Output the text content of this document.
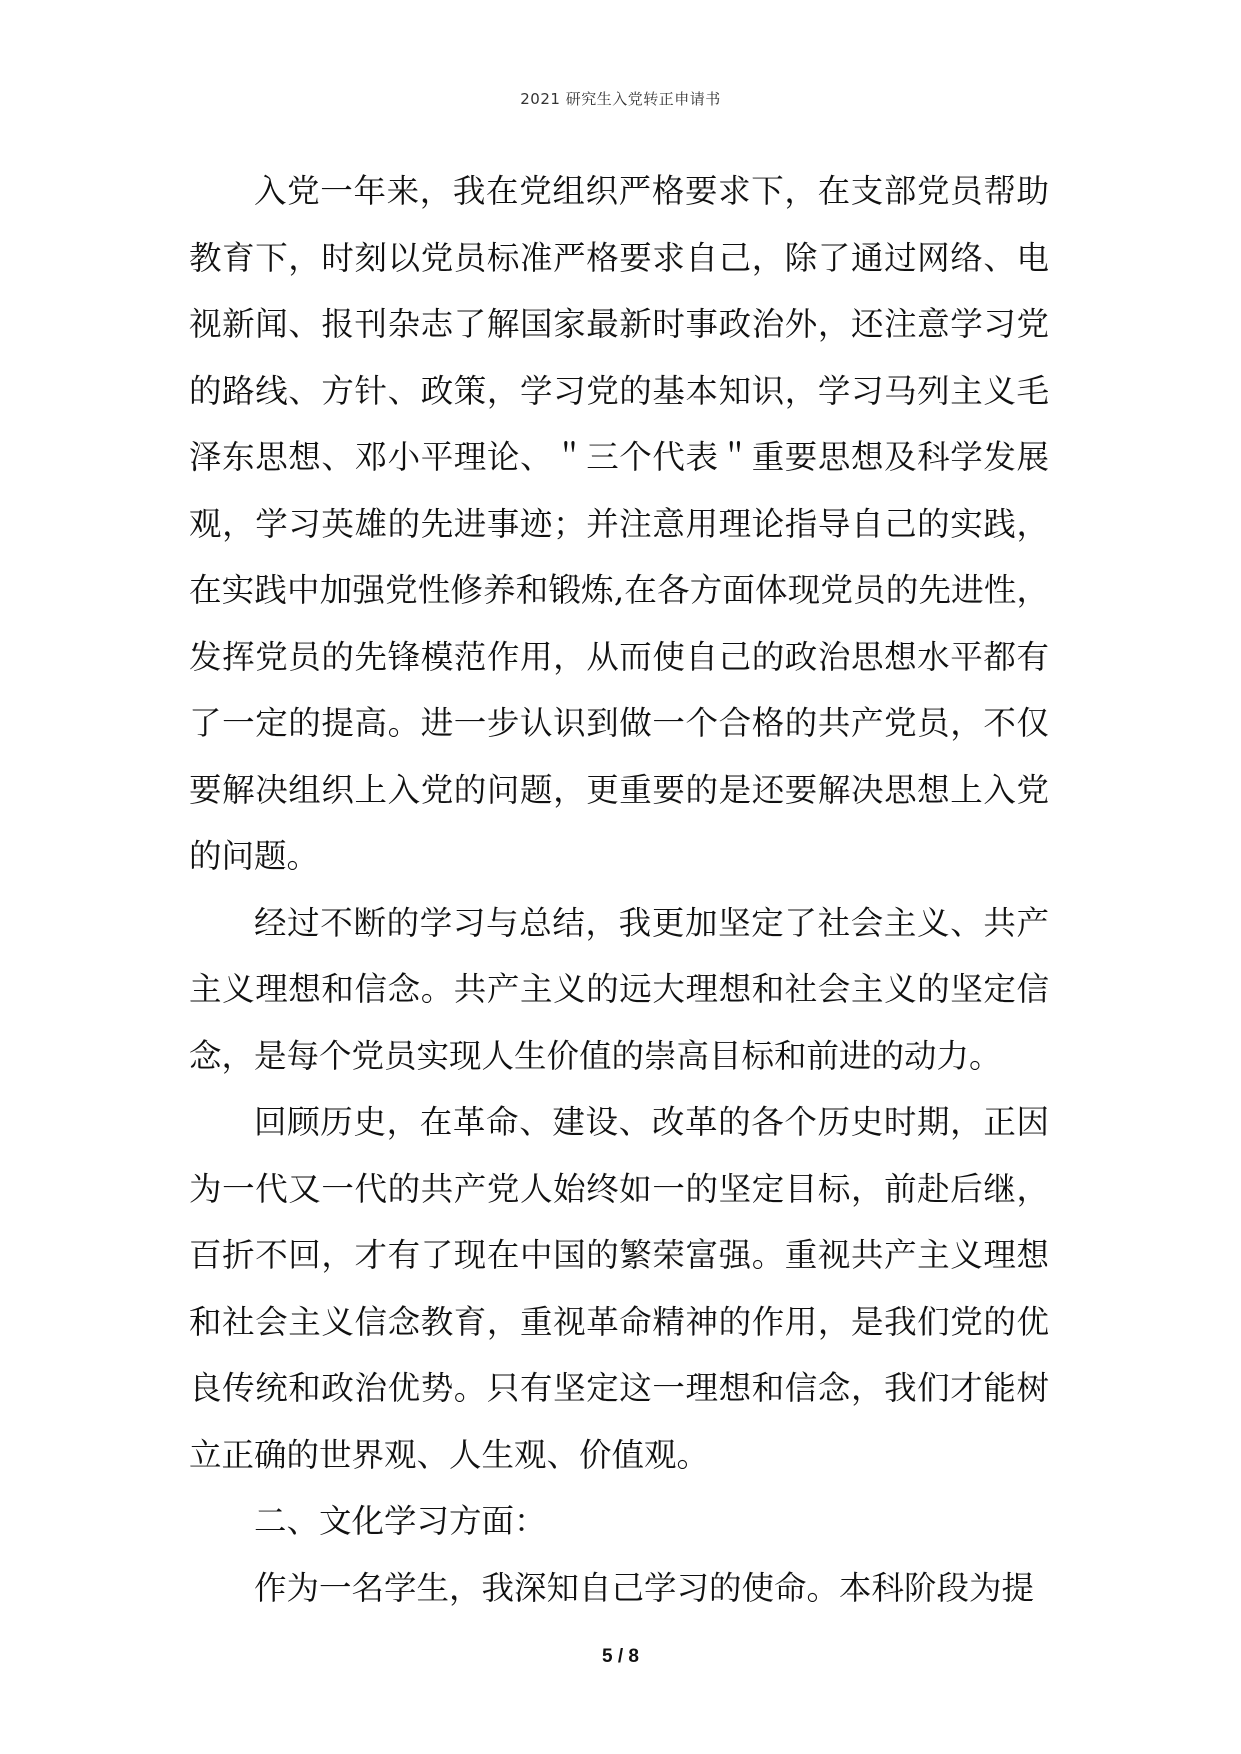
2021 研究生入党转正申请书

入党一年来，我在党组织严格要求下，在支部党员帮助教育下，时刻以党员标准严格要求自己，除了通过网络、电视新闻、报刊杂志了解国家最新时事政治外，还注意学习党的路线、方针、政策，学习党的基本知识，学习马列主义毛泽东思想、邓小平理论、＂三个代表＂重要思想及科学发展观，学习英雄的先进事迹；并注意用理论指导自己的实践，在实践中加强党性修养和锻炼,在各方面体现党员的先进性，发挥党员的先锋模范作用，从而使自己的政治思想水平都有了一定的提高。进一步认识到做一个合格的共产党员，不仅要解决组织上入党的问题，更重要的是还要解决思想上入党的问题。

经过不断的学习与总结，我更加坚定了社会主义、共产主义理想和信念。共产主义的远大理想和社会主义的坚定信念，是每个党员实现人生价值的崇高目标和前进的动力。

回顾历史，在革命、建设、改革的各个历史时期，正因为一代又一代的共产党人始终如一的坚定目标，前赴后继，百折不回，才有了现在中国的繁荣富强。重视共产主义理想和社会主义信念教育，重视革命精神的作用，是我们党的优良传统和政治优势。只有坚定这一理想和信念，我们才能树立正确的世界观、人生观、价值观。

二、文化学习方面：

作为一名学生，我深知自己学习的使命。本科阶段为提

5 / 8
